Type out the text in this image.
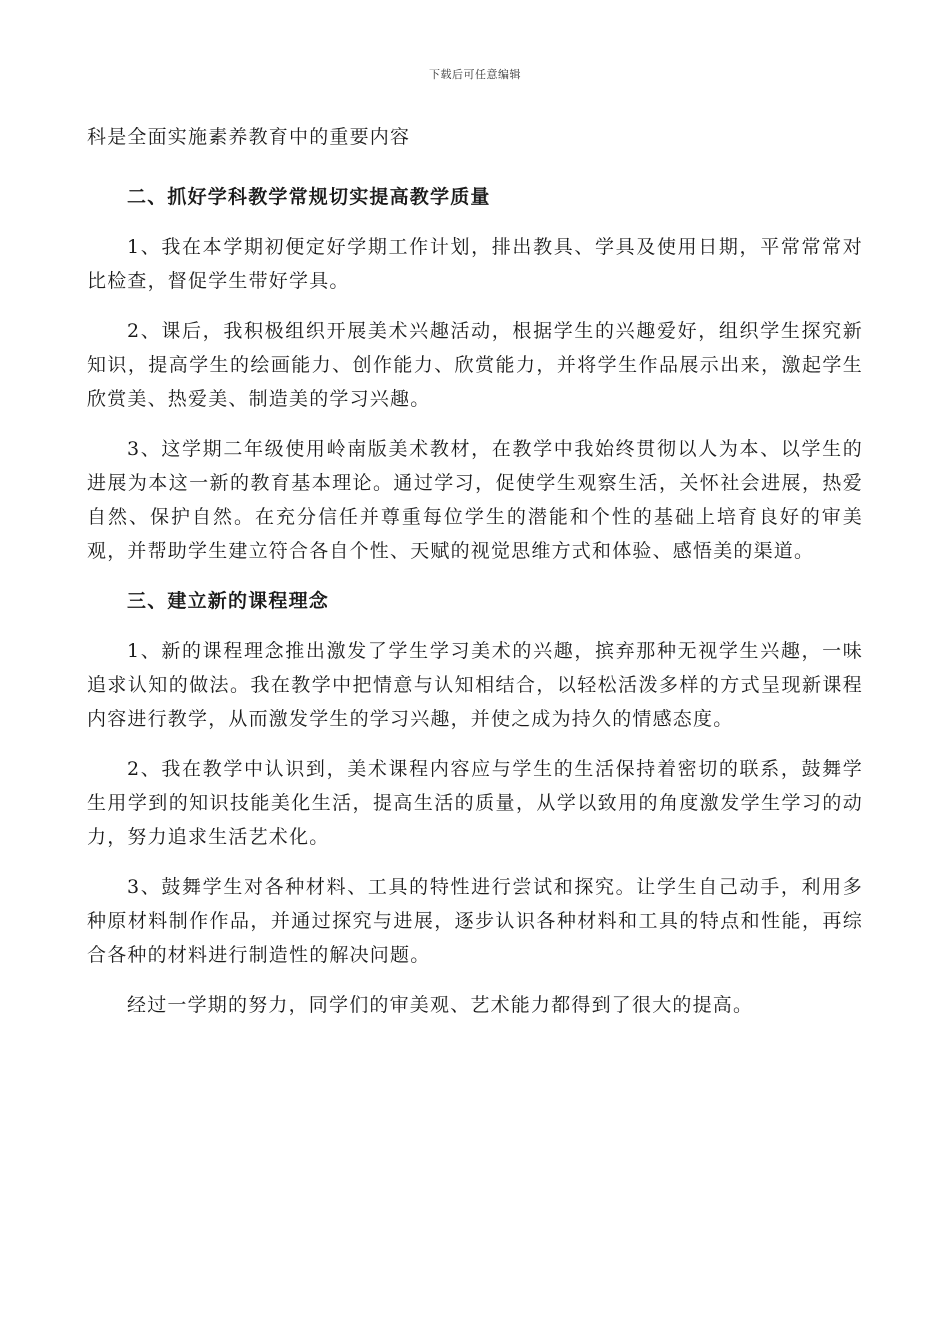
下载后可任意编辑

科是全面实施素养教育中的重要内容

二、抓好学科教学常规切实提高教学质量

1、我在本学期初便定好学期工作计划，排出教具、学具及使用日期，平常常常对比检查，督促学生带好学具。

2、课后，我积极组织开展美术兴趣活动，根据学生的兴趣爱好，组织学生探究新知识，提高学生的绘画能力、创作能力、欣赏能力，并将学生作品展示出来，激起学生欣赏美、热爱美、制造美的学习兴趣。

3、这学期二年级使用岭南版美术教材，在教学中我始终贯彻以人为本、以学生的进展为本这一新的教育基本理论。通过学习，促使学生观察生活，关怀社会进展，热爱自然、保护自然。在充分信任并尊重每位学生的潜能和个性的基础上培育良好的审美观，并帮助学生建立符合各自个性、天赋的视觉思维方式和体验、感悟美的渠道。

三、建立新的课程理念

1、新的课程理念推出激发了学生学习美术的兴趣，摈弃那种无视学生兴趣，一味追求认知的做法。我在教学中把情意与认知相结合，以轻松活泼多样的方式呈现新课程内容进行教学，从而激发学生的学习兴趣，并使之成为持久的情感态度。

2、我在教学中认识到，美术课程内容应与学生的生活保持着密切的联系，鼓舞学生用学到的知识技能美化生活，提高生活的质量，从学以致用的角度激发学生学习的动力，努力追求生活艺术化。

3、鼓舞学生对各种材料、工具的特性进行尝试和探究。让学生自己动手，利用多种原材料制作作品，并通过探究与进展，逐步认识各种材料和工具的特点和性能，再综合各种的材料进行制造性的解决问题。

经过一学期的努力，同学们的审美观、艺术能力都得到了很大的提高。
